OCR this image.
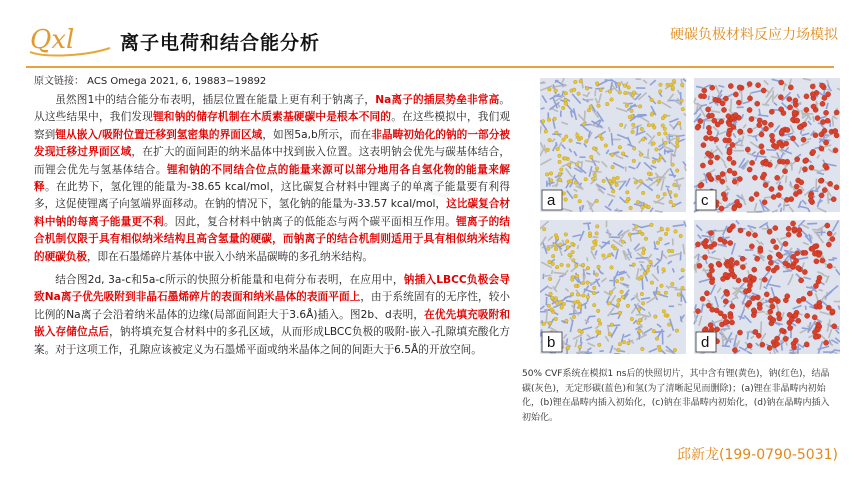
Qxl 离子电荷和结合能分析	硬碳负极材料反应力场模拟
原文链接： ACS Omega 2021, 6, 19883−19892

虽然图1中的结合能分布表明，插层位置在能量上更有利于钠离子，Na离子的插层势垒非常高。从这些结果中，我们发现锂和钠的储存机制在木质素基硬碳中是根本不同的。在这些模拟中，我们观察到锂从嵌入/吸附位置迁移到氢密集的界面区域，如图5a,b所示，而在非晶畴初始化的钠的一部分被发现迁移过界面区域，在扩大的面间距的纳米晶体中找到嵌入位置。这表明钠会优先与碳基体结合，而锂会优先与氢基体结合。锂和钠的不同结合位点的能量来源可以部分地用各自氢化物的能量来解释。在此势下，氢化锂的能量为-38.65 kcal/mol，这比碳复合材料中锂离子的单离子能量要有利得多，这促使锂离子向氢端界面移动。在钠的情况下，氢化钠的能量为-33.57 kcal/mol，这比碳复合材料中钠的每离子能量更不利。因此，复合材料中钠离子的低能态与两个碳平面相互作用。锂离子的结合机制仅限于具有相似纳米结构且高含氢量的硬碳，而钠离子的结合机制则适用于具有相似纳米结构的硬碳负极，即在石墨烯碎片基体中嵌入小纳米晶碳畴的多孔纳米结构。

结合图2d, 3a-c和5a-c所示的快照分析能量和电荷分布表明，在应用中，钠插入LBCC负极会导致Na离子优先吸附到非晶石墨烯碎片的表面和纳米晶体的表面平面上，由于系统固有的无序性，较小比例的Na离子会沿着纳米晶体的边缘(局部面间距大于3.6Å)插入。图2b、d表明，在优先填充吸附和嵌入存储位点后，钠将填充复合材料中的多孔区域，从而形成LBCC负极的吸附-嵌入-孔隙填充酸化方案。对于这项工作，孔隙应该被定义为石墨烯平面或纳米晶体之间的间距大于6.5Å的开放空间。

a
b
c
d
50% CVF系统在模拟1 ns后的快照切片，其中含有锂(黄色)，钠(红色)，结晶碳(灰色)，无定形碳(蓝色)和氢(为了清晰起见而删除)；(a)锂在非晶畴内初始化，(b)锂在晶畴内插入初始化，(c)钠在非晶畴内初始化，(d)钠在晶畴内插入初始化。
邱新龙(199-0790-5031)
